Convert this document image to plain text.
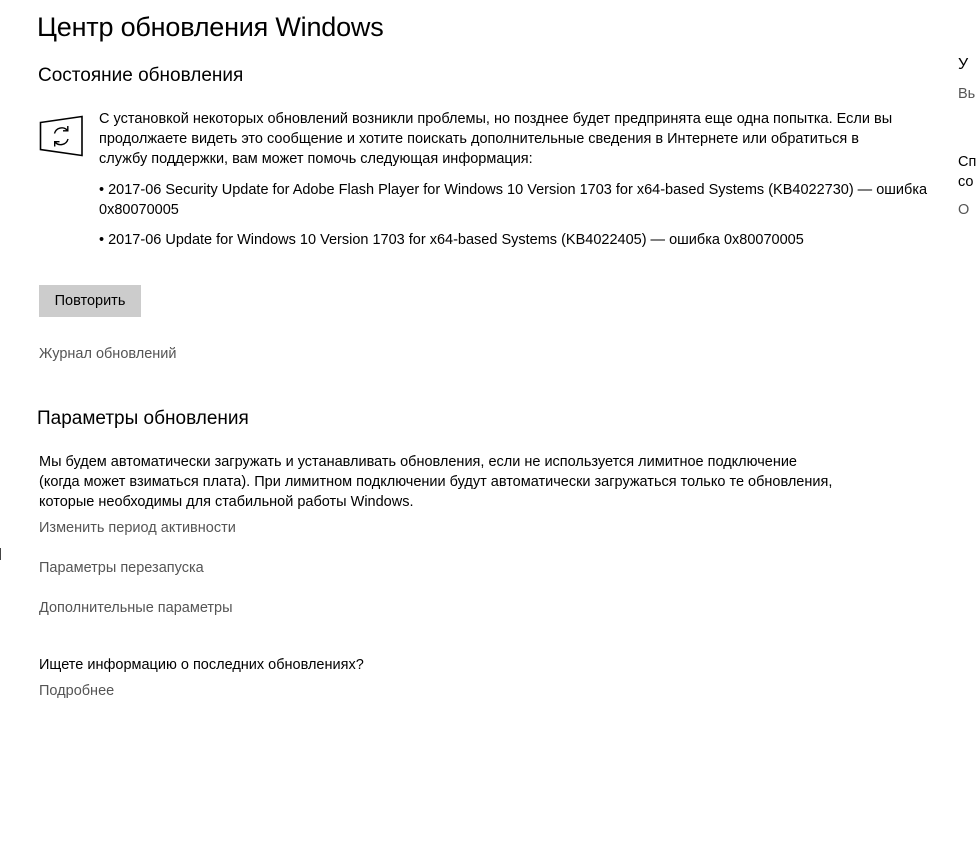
Центр обновления Windows
Состояние обновления
С установкой некоторых обновлений возникли проблемы, но позднее будет предпринята еще одна попытка. Если вы продолжаете видеть это сообщение и хотите поискать дополнительные сведения в Интернете или обратиться в службу поддержки, вам может помочь следующая информация:
• 2017-06 Security Update for Adobe Flash Player for Windows 10 Version 1703 for x64-based Systems (KB4022730) — ошибка 0x80070005
• 2017-06 Update for Windows 10 Version 1703 for x64-based Systems (KB4022405) — ошибка 0x80070005
Повторить
Журнал обновлений
Параметры обновления
Мы будем автоматически загружать и устанавливать обновления, если не используется лимитное подключение (когда может взиматься плата). При лимитном подключении будут автоматически загружаться только те обновления, которые необходимы для стабильной работы Windows.
Изменить период активности
Параметры перезапуска
Дополнительные параметры
Ищете информацию о последних обновлениях?
Подробнее
У
Вь
Сп
со
О
